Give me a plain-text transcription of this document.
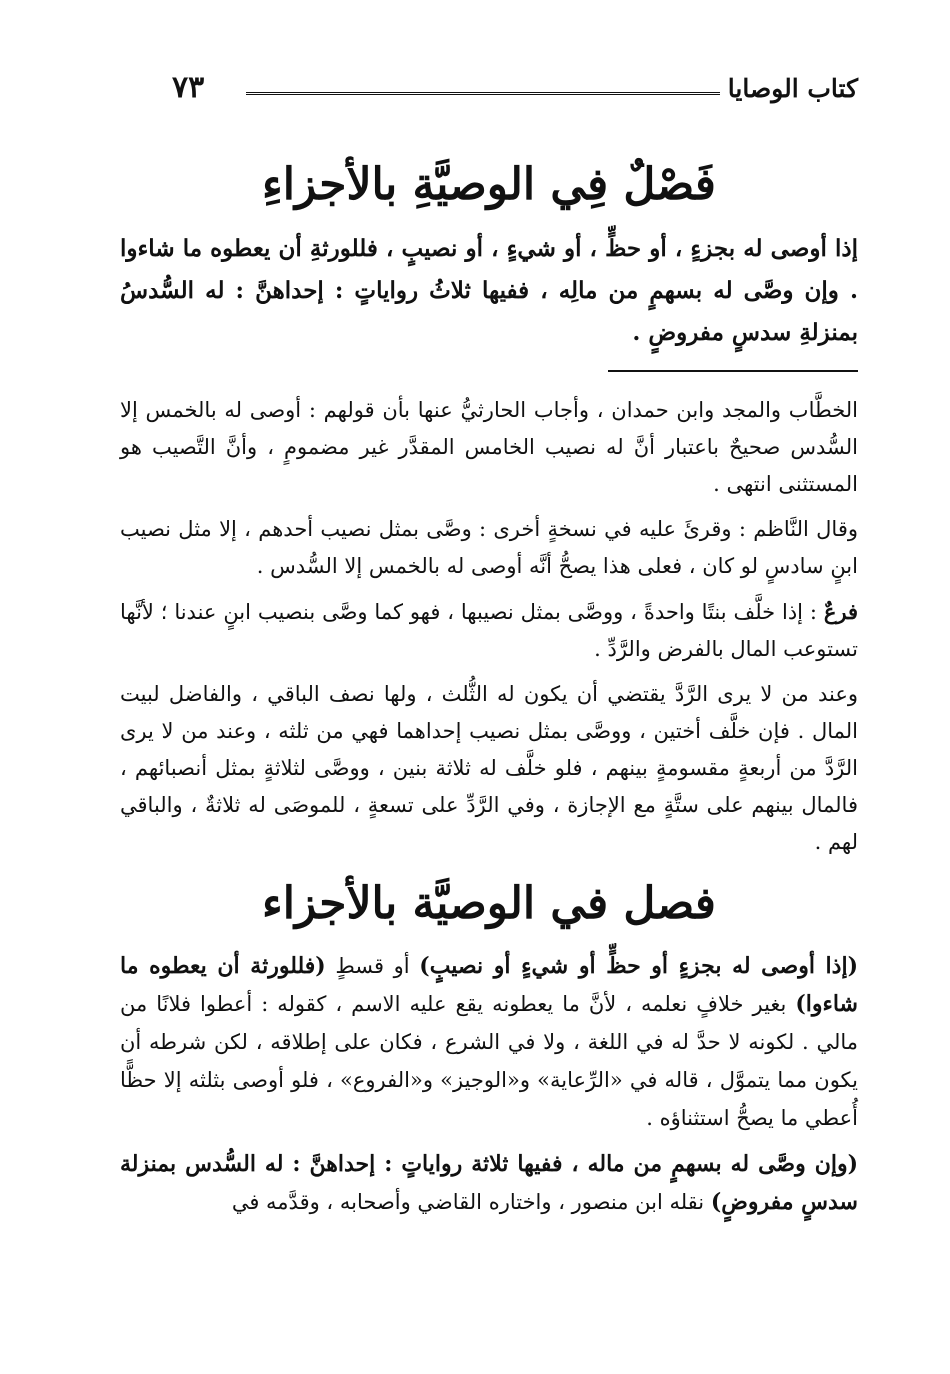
كتاب الوصايا
٧٣
فَصْلٌ فِي الوصيَّةِ بالأجزاءِ

إذا أوصى له بجزءٍ ، أو حظٍّ ، أو شيءٍ ، أو نصيبٍ ، فللورثةِ أن يعطوه ما شاءوا . وإن وصَّى له بسهمٍ من مالِه ، ففيها ثلاثُ رواياتٍ : إحداهنَّ : له السُّدسُ بمنزلةِ سدسٍ مفروضٍ .

الخطَّاب والمجد وابن حمدان ، وأجاب الحارثيُّ عنها بأن قولهم : أوصى له بالخمس إلا السُّدس صحيحٌ باعتبار أنَّ له نصيب الخامس المقدَّر غير مضمومٍ ، وأنَّ التَّصيب هو المستثنى انتهى .

وقال النَّاظم : وقرئَ عليه في نسخةٍ أخرى : وصَّى بمثل نصيب أحدهم ، إلا مثل نصيب ابنٍ سادسٍ لو كان ، فعلى هذا يصحُّ أنَّه أوصى له بالخمس إلا السُّدس .

فرعٌ : إذا خلَّف بنتًا واحدةً ، ووصَّى بمثل نصيبها ، فهو كما وصَّى بنصيب ابنٍ عندنا ؛ لأنَّها تستوعب المال بالفرض والرَّدِّ .

وعند من لا يرى الرَّدَّ يقتضي أن يكون له الثُّلث ، ولها نصف الباقي ، والفاضل لبيت المال . فإن خلَّف أختين ، ووصَّى بمثل نصيب إحداهما فهي من ثلثه ، وعند من لا يرى الرَّدَّ من أربعةٍ مقسومةٍ بينهم ، فلو خلَّف له ثلاثة بنين ، ووصَّى لثلاثةٍ بمثل أنصبائهم ، فالمال بينهم على ستَّةٍ مع الإجازة ، وفي الرَّدِّ على تسعةٍ ، للموصَى له ثلاثةٌ ، والباقي لهم .

فصل في الوصيَّة بالأجزاء

(إذا أوصى له بجزءٍ أو حظٍّ أو شيءٍ أو نصيبٍ) أو قسطٍ (فللورثة أن يعطوه ما شاءوا) بغير خلافٍ نعلمه ، لأنَّ ما يعطونه يقع عليه الاسم ، كقوله : أعطوا فلانًا من مالي . لكونه لا حدَّ له في اللغة ، ولا في الشرع ، فكان على إطلاقه ، لكن شرطه أن يكون مما يتموَّل ، قاله في «الرِّعاية» و«الوجيز» و«الفروع» ، فلو أوصى بثلثه إلا حظًّا أُعطي ما يصحُّ استثناؤه .

(وإن وصَّى له بسهمٍ من ماله ، ففيها ثلاثة رواياتٍ : إحداهنَّ : له السُّدس بمنزلة سدسٍ مفروضٍ) نقله ابن منصور ، واختاره القاضي وأصحابه ، وقدَّمه في
